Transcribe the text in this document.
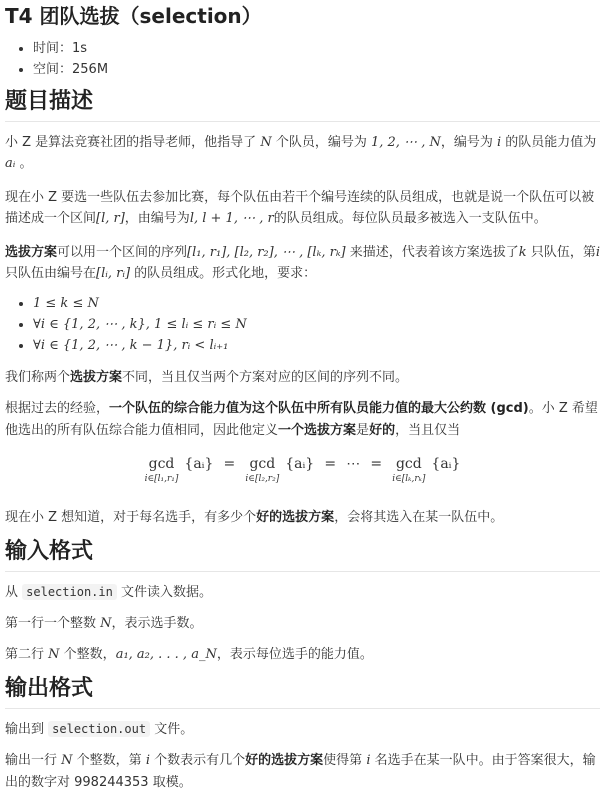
T4 团队选拔（selection）
• 时间：1s
• 空间：256M
题目描述

小 Z 是算法竞赛社团的指导老师，他指导了 N 个队员，编号为 1, 2, ⋯ , N，编号为 i 的队员能力值为
aᵢ 。

现在小 Z 要选一些队伍去参加比赛，每个队伍由若干个编号连续的队员组成，也就是说一个队伍可以被描述成一个区间[l, r]，由编号为l, l + 1, ⋯ , r的队员组成。每位队员最多被选入一支队伍中。

选拔方案可以用一个区间的序列[l₁, r₁], [l₂, r₂], ⋯ , [lₖ, rₖ] 来描述，代表着该方案选拔了k 只队伍，第i 只队伍由编号在[lᵢ, rᵢ] 的队员组成。形式化地，要求：

• 1 ≤ k ≤ N
• ∀i ∈ {1, 2, ⋯ , k}, 1 ≤ lᵢ ≤ rᵢ ≤ N
• ∀i ∈ {1, 2, ⋯ , k − 1}, rᵢ < lᵢ₊₁

我们称两个选拔方案不同，当且仅当两个方案对应的区间的序列不同。

根据过去的经验，一个队伍的综合能力值为这个队伍中所有队员能力值的最大公约数 (gcd)。小 Z 希望他选出的所有队伍综合能力值相同，因此他定义一个选拔方案是好的，当且仅当

gcd
i∈[l₁,r₁]
{aᵢ} = gcd
i∈[l₂,r₂]
{aᵢ} = ⋯ = gcd
i∈[lₖ,rₖ]
{aᵢ}

现在小 Z 想知道，对于每名选手，有多少个好的选拔方案，会将其选入在某一队伍中。

输入格式

从 selection.in 文件读入数据。

第一行一个整数 N，表示选手数。

第二行 N 个整数，a₁, a₂, . . . , a_N，表示每位选手的能力值。

输出格式

输出到 selection.out 文件。

输出一行 N 个整数，第 i 个数表示有几个好的选拔方案使得第 i 名选手在某一队中。由于答案很大，输出的数字对 998244353 取模。
